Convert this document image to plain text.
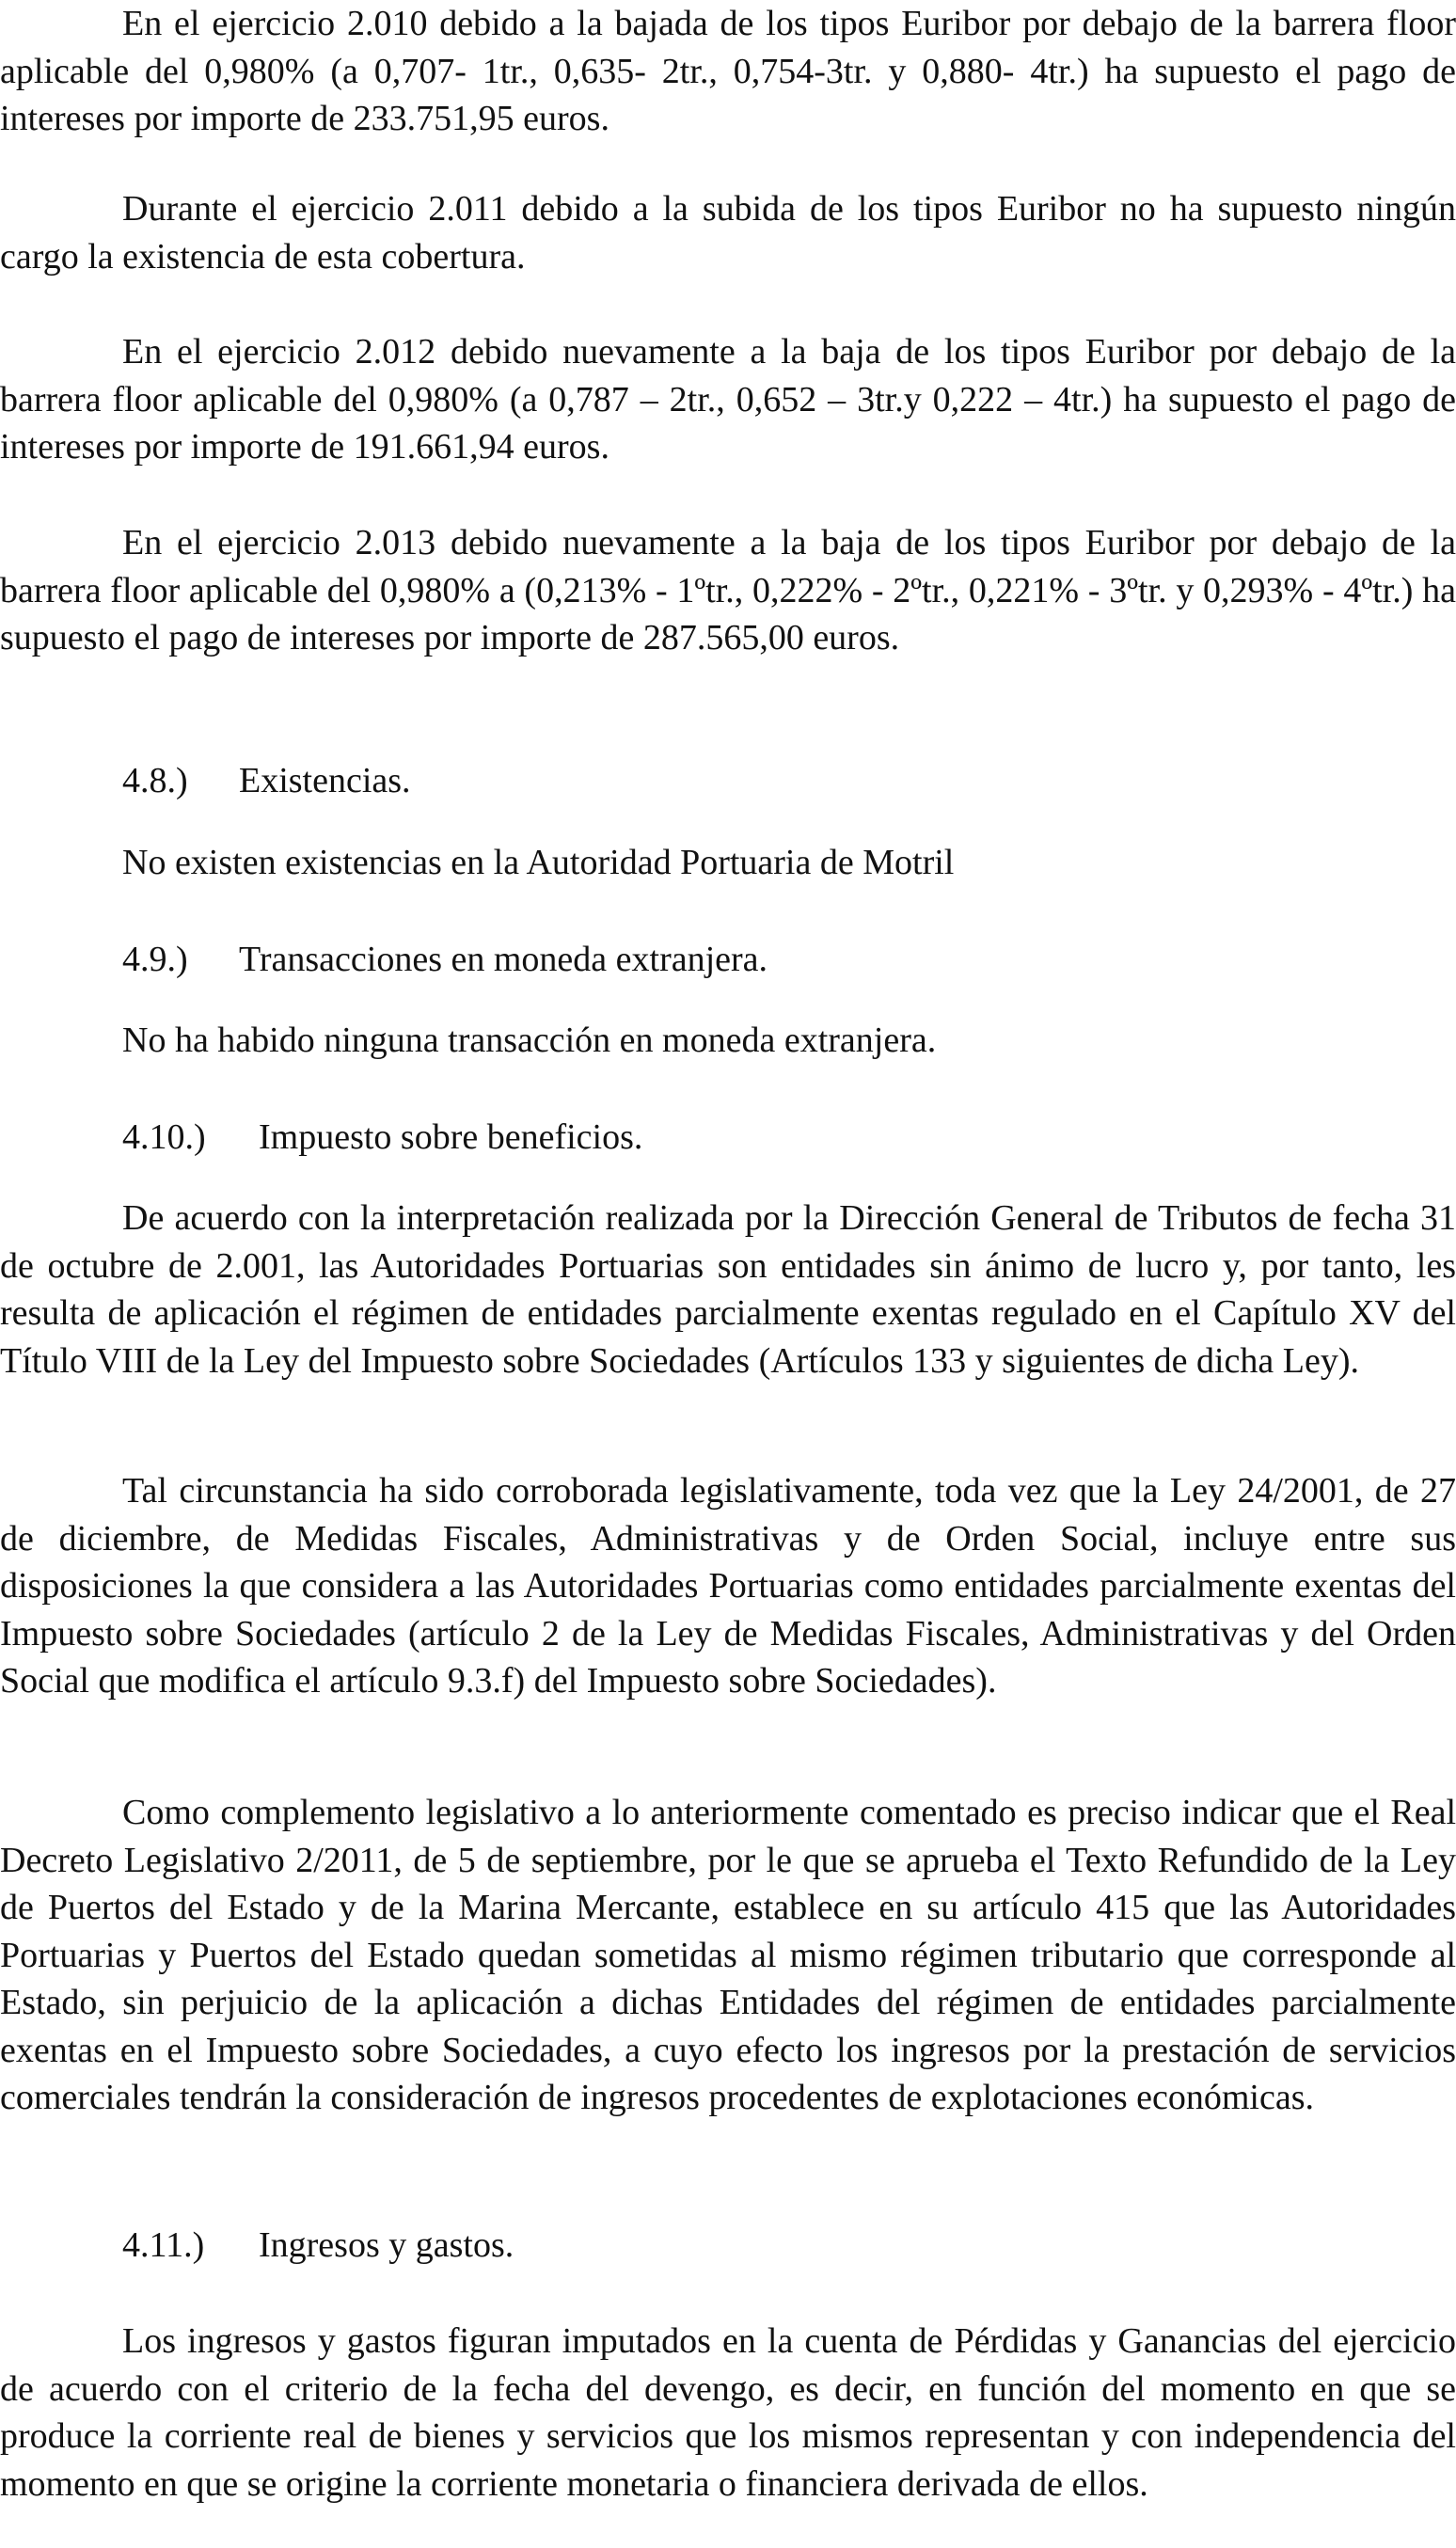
En el ejercicio 2.010 debido a la bajada de los tipos Euribor por debajo de la barrera floor aplicable del 0,980% (a 0,707- 1tr., 0,635- 2tr., 0,754-3tr. y 0,880- 4tr.) ha supuesto el pago de intereses por importe de 233.751,95 euros.

Durante el ejercicio 2.011 debido a la subida de los tipos Euribor no ha supuesto ningún cargo la existencia de esta cobertura.

En el ejercicio 2.012 debido nuevamente a la baja de los tipos Euribor por debajo de la barrera floor aplicable del 0,980% (a 0,787 – 2tr., 0,652 – 3tr.y 0,222 – 4tr.) ha supuesto el pago de intereses por importe de 191.661,94 euros.

En el ejercicio 2.013 debido nuevamente a la baja de los tipos Euribor por debajo de la barrera floor aplicable del 0,980% a (0,213% - 1ºtr., 0,222% - 2ºtr., 0,221% - 3ºtr. y 0,293% - 4ºtr.) ha supuesto el pago de intereses por importe de 287.565,00 euros.

4.8.) Existencias.
No existen existencias en la Autoridad Portuaria de Motril
4.9.) Transacciones en moneda extranjera.
No ha habido ninguna transacción en moneda extranjera.
4.10.) Impuesto sobre beneficios.

De acuerdo con la interpretación realizada por la Dirección General de Tributos de fecha 31 de octubre de 2.001, las Autoridades Portuarias son entidades sin ánimo de lucro y, por tanto, les resulta de aplicación el régimen de entidades parcialmente exentas regulado en el Capítulo XV del Título VIII de la Ley del Impuesto sobre Sociedades (Artículos 133 y siguientes de dicha Ley).

Tal circunstancia ha sido corroborada legislativamente, toda vez que la Ley 24/2001, de 27 de diciembre, de Medidas Fiscales, Administrativas y de Orden Social, incluye entre sus disposiciones la que considera a las Autoridades Portuarias como entidades parcialmente exentas del Impuesto sobre Sociedades (artículo 2 de la Ley de Medidas Fiscales, Administrativas y del Orden Social que modifica el artículo 9.3.f) del Impuesto sobre Sociedades).

Como complemento legislativo a lo anteriormente comentado es preciso indicar que el Real Decreto Legislativo 2/2011, de 5 de septiembre, por le que se aprueba el Texto Refundido de la Ley de Puertos del Estado y de la Marina Mercante, establece en su artículo 415 que las Autoridades Portuarias y Puertos del Estado quedan sometidas al mismo régimen tributario que corresponde al Estado, sin perjuicio de la aplicación a dichas Entidades del régimen de entidades parcialmente exentas en el Impuesto sobre Sociedades, a cuyo efecto los ingresos por la prestación de servicios comerciales tendrán la consideración de ingresos procedentes de explotaciones económicas.

4.11.) Ingresos y gastos.

Los ingresos y gastos figuran imputados en la cuenta de Pérdidas y Ganancias del ejercicio de acuerdo con el criterio de la fecha del devengo, es decir, en función del momento en que se produce la corriente real de bienes y servicios que los mismos representan y con independencia del momento en que se origine la corriente monetaria o financiera derivada de ellos.
